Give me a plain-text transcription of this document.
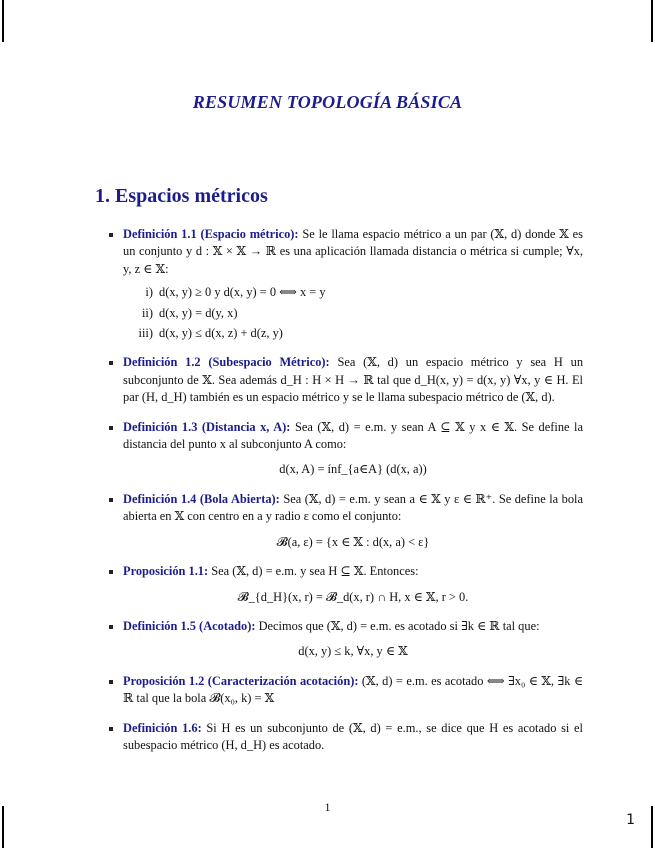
RESUMEN TOPOLOGÍA BÁSICA
1. Espacios métricos
Definición 1.1 (Espacio métrico): Se le llama espacio métrico a un par (𝕏, d) donde 𝕏 es un conjunto y d : 𝕏 × 𝕏 → ℝ es una aplicación llamada distancia o métrica si cumple; ∀x, y, z ∈ 𝕏:
i) d(x, y) ≥ 0 y d(x, y) = 0 ⟺ x = y
ii) d(x, y) = d(y, x)
iii) d(x, y) ≤ d(x, z) + d(z, y)
Definición 1.2 (Subespacio Métrico): Sea (𝕏, d) un espacio métrico y sea H un subconjunto de 𝕏. Sea además d_H : H × H → ℝ tal que d_H(x, y) = d(x, y) ∀x, y ∈ H. El par (H, d_H) también es un espacio métrico y se le llama subespacio métrico de (𝕏, d).
Definición 1.3 (Distancia x, A): Sea (𝕏, d) = e.m. y sean A ⊆ 𝕏 y x ∈ 𝕏. Se define la distancia del punto x al subconjunto A como:
d(x, A) = ínf_{a∈A} (d(x, a))
Definición 1.4 (Bola Abierta): Sea (𝕏, d) = e.m. y sean a ∈ 𝕏 y ε ∈ ℝ⁺. Se define la bola abierta en 𝕏 con centro en a y radio ε como el conjunto:
𝓑(a, ε) = {x ∈ 𝕏 : d(x, a) < ε}
Proposición 1.1: Sea (𝕏, d) = e.m. y sea H ⊆ 𝕏. Entonces:
𝓑_{d_H}(x, r) = 𝓑_d(x, r) ∩ H, x ∈ 𝕏, r > 0.
Definición 1.5 (Acotado): Decimos que (𝕏, d) = e.m. es acotado si ∃k ∈ ℝ tal que:
d(x, y) ≤ k, ∀x, y ∈ 𝕏
Proposición 1.2 (Caracterización acotación): (𝕏, d) = e.m. es acotado ⟺ ∃x₀ ∈ 𝕏, ∃k ∈ ℝ tal que la bola 𝓑(x₀, k) = 𝕏
Definición 1.6: Si H es un subconjunto de (𝕏, d) = e.m., se dice que H es acotado si el subespacio métrico (H, d_H) es acotado.
1
1
